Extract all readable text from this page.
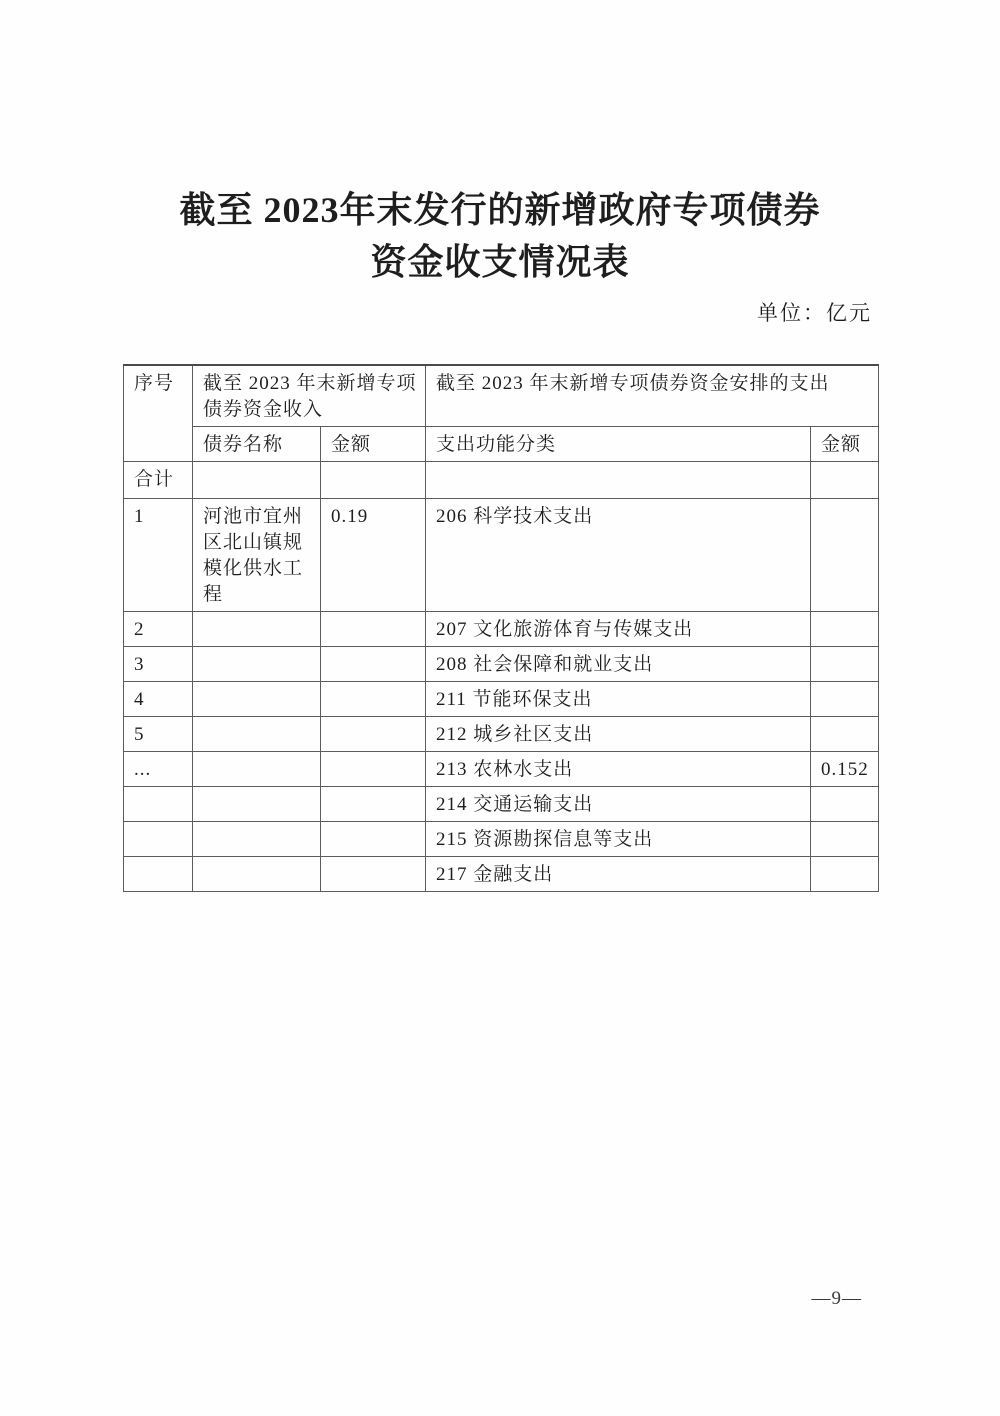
截至 2023年末发行的新增政府专项债券
资金收支情况表
单位：亿元
序号	截至 2023 年末新增专项债券资金收入		截至 2023 年末新增专项债券资金安排的支出	
	债券名称	金额	支出功能分类	金额
合计				
1	河池市宜州区北山镇规模化供水工程	0.19	206 科学技术支出	
2			207 文化旅游体育与传媒支出	
3			208 社会保障和就业支出	
4			211 节能环保支出	
5			212 城乡社区支出	
...			213 农林水支出	0.152
			214 交通运输支出	
			215 资源勘探信息等支出	
			217 金融支出	
—9—
